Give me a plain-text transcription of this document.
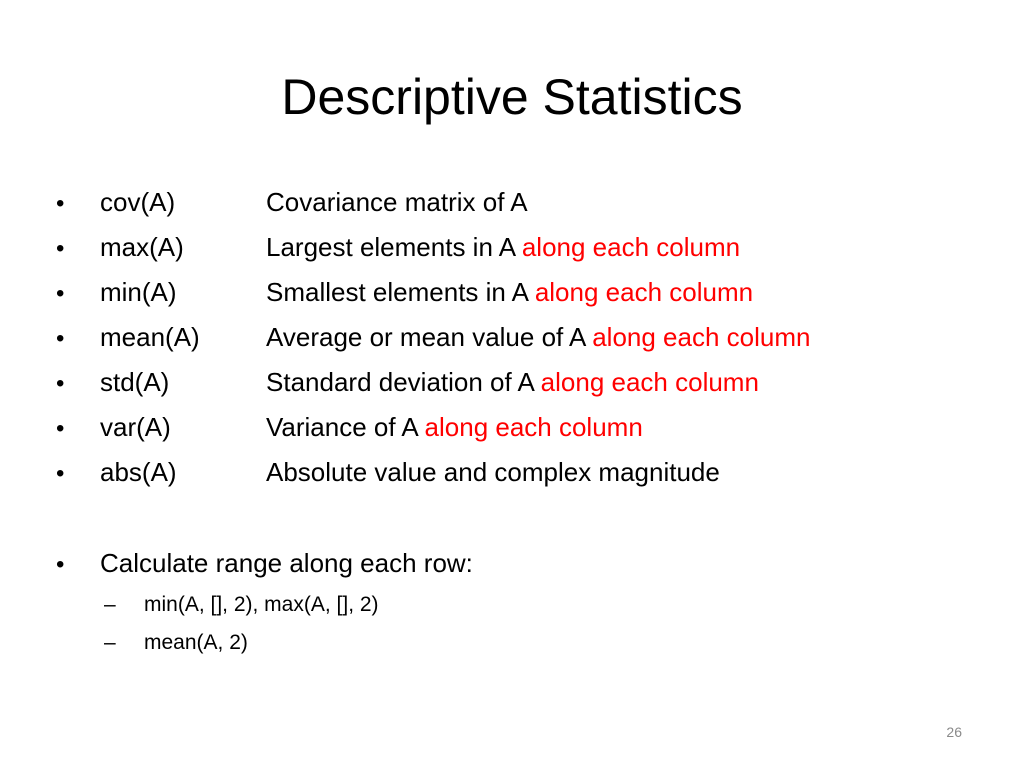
Descriptive Statistics
•	cov(A)	Covariance matrix of A
•	max(A)	Largest elements in A along each column
•	min(A)	Smallest elements in A along each column
•	mean(A)	Average or mean value of A along each column
•	std(A)	Standard deviation of A along each column
•	var(A)	Variance of A along each column
•	abs(A)	Absolute value and complex magnitude
•	Calculate range along each row:
–	min(A, [], 2), max(A, [], 2)
–	mean(A, 2)
26
